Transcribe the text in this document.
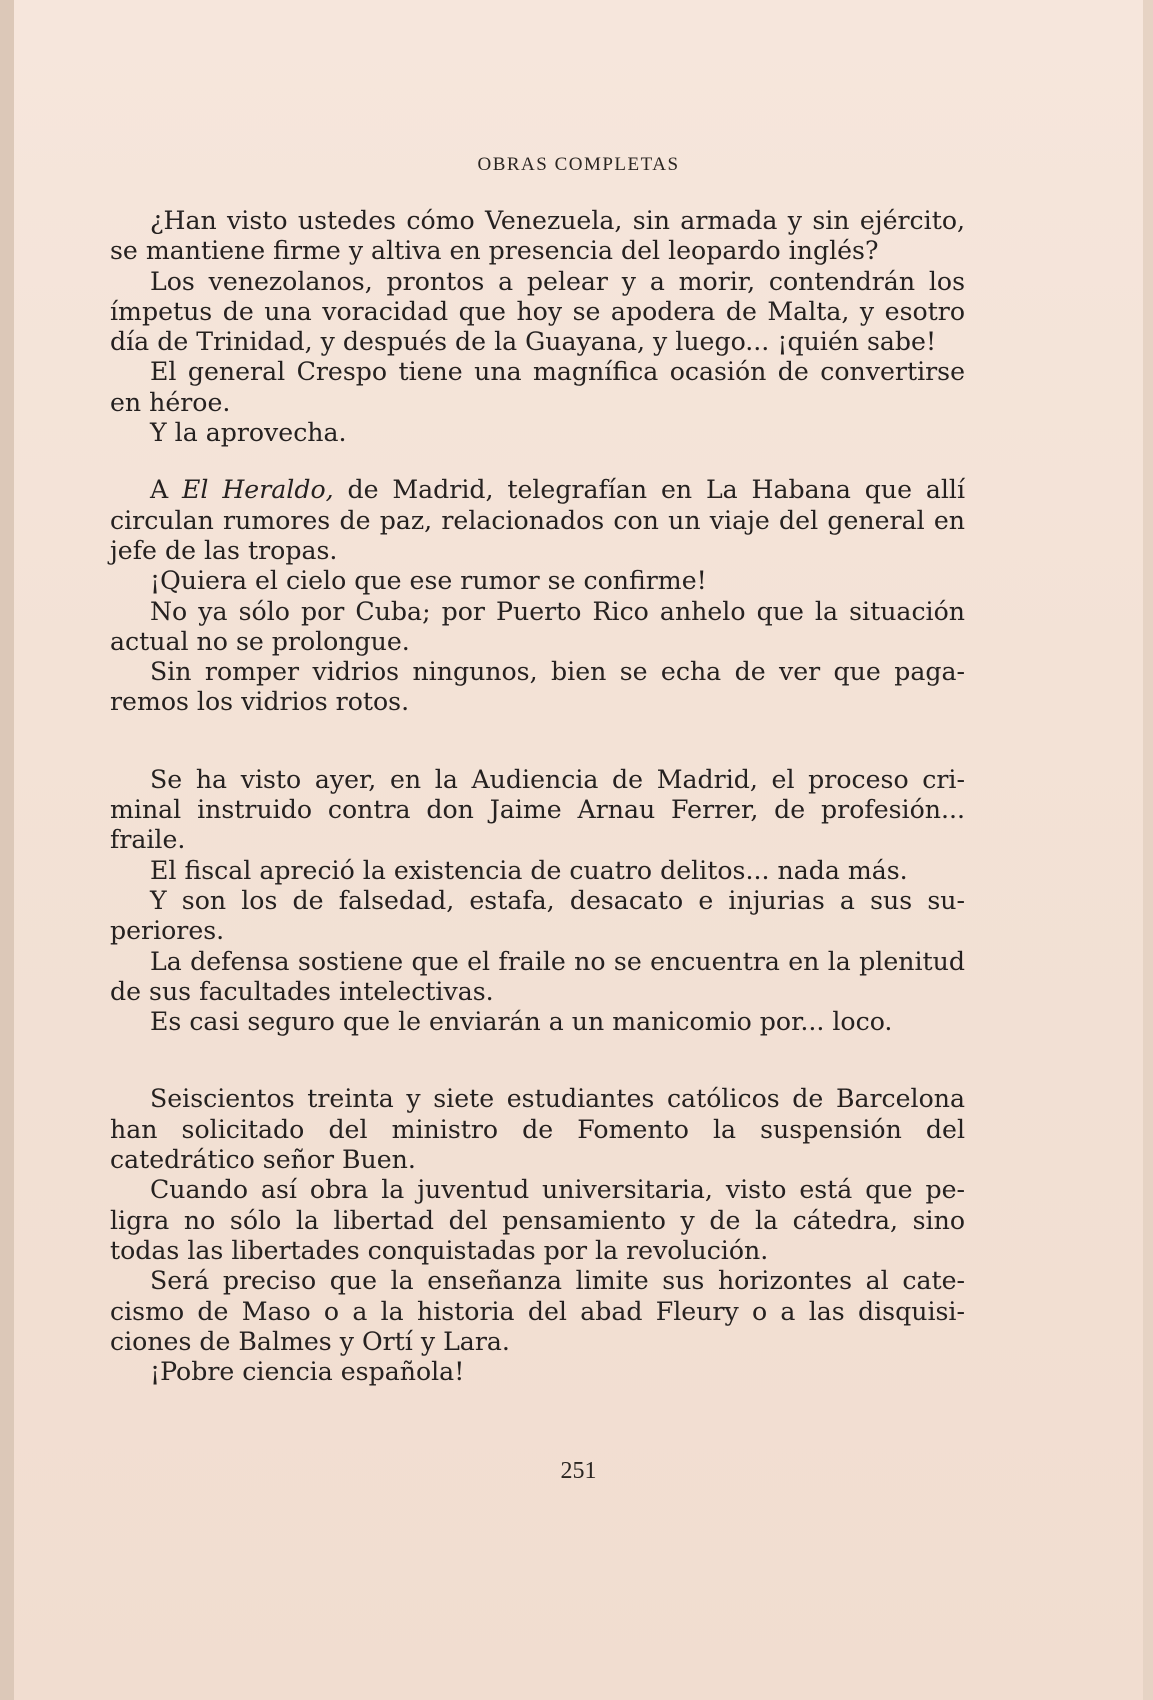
OBRAS COMPLETAS

¿Han visto ustedes cómo Venezuela, sin armada y sin ejército, se mantiene firme y altiva en presencia del leopardo inglés?

Los venezolanos, prontos a pelear y a morir, contendrán los ímpetus de una voracidad que hoy se apodera de Malta, y esotro día de Trinidad, y después de la Guayana, y luego... ¡quién sabe!

El general Crespo tiene una magnífica ocasión de convertirse en héroe.

Y la aprovecha.

A El Heraldo, de Madrid, telegrafían en La Habana que allí circulan rumores de paz, relacionados con un viaje del general en jefe de las tropas.

¡Quiera el cielo que ese rumor se confirme!

No ya sólo por Cuba; por Puerto Rico anhelo que la situación actual no se prolongue.

Sin romper vidrios ningunos, bien se echa de ver que pagaremos los vidrios rotos.

Se ha visto ayer, en la Audiencia de Madrid, el proceso criminal instruido contra don Jaime Arnau Ferrer, de profesión... fraile.

El fiscal apreció la existencia de cuatro delitos... nada más.

Y son los de falsedad, estafa, desacato e injurias a sus superiores.

La defensa sostiene que el fraile no se encuentra en la plenitud de sus facultades intelectivas.

Es casi seguro que le enviarán a un manicomio por... loco.

Seiscientos treinta y siete estudiantes católicos de Barcelona han solicitado del ministro de Fomento la suspensión del catedrático señor Buen.

Cuando así obra la juventud universitaria, visto está que peligra no sólo la libertad del pensamiento y de la cátedra, sino todas las libertades conquistadas por la revolución.

Será preciso que la enseñanza limite sus horizontes al catecismo de Maso o a la historia del abad Fleury o a las disquisiciones de Balmes y Ortí y Lara.

¡Pobre ciencia española!

251
